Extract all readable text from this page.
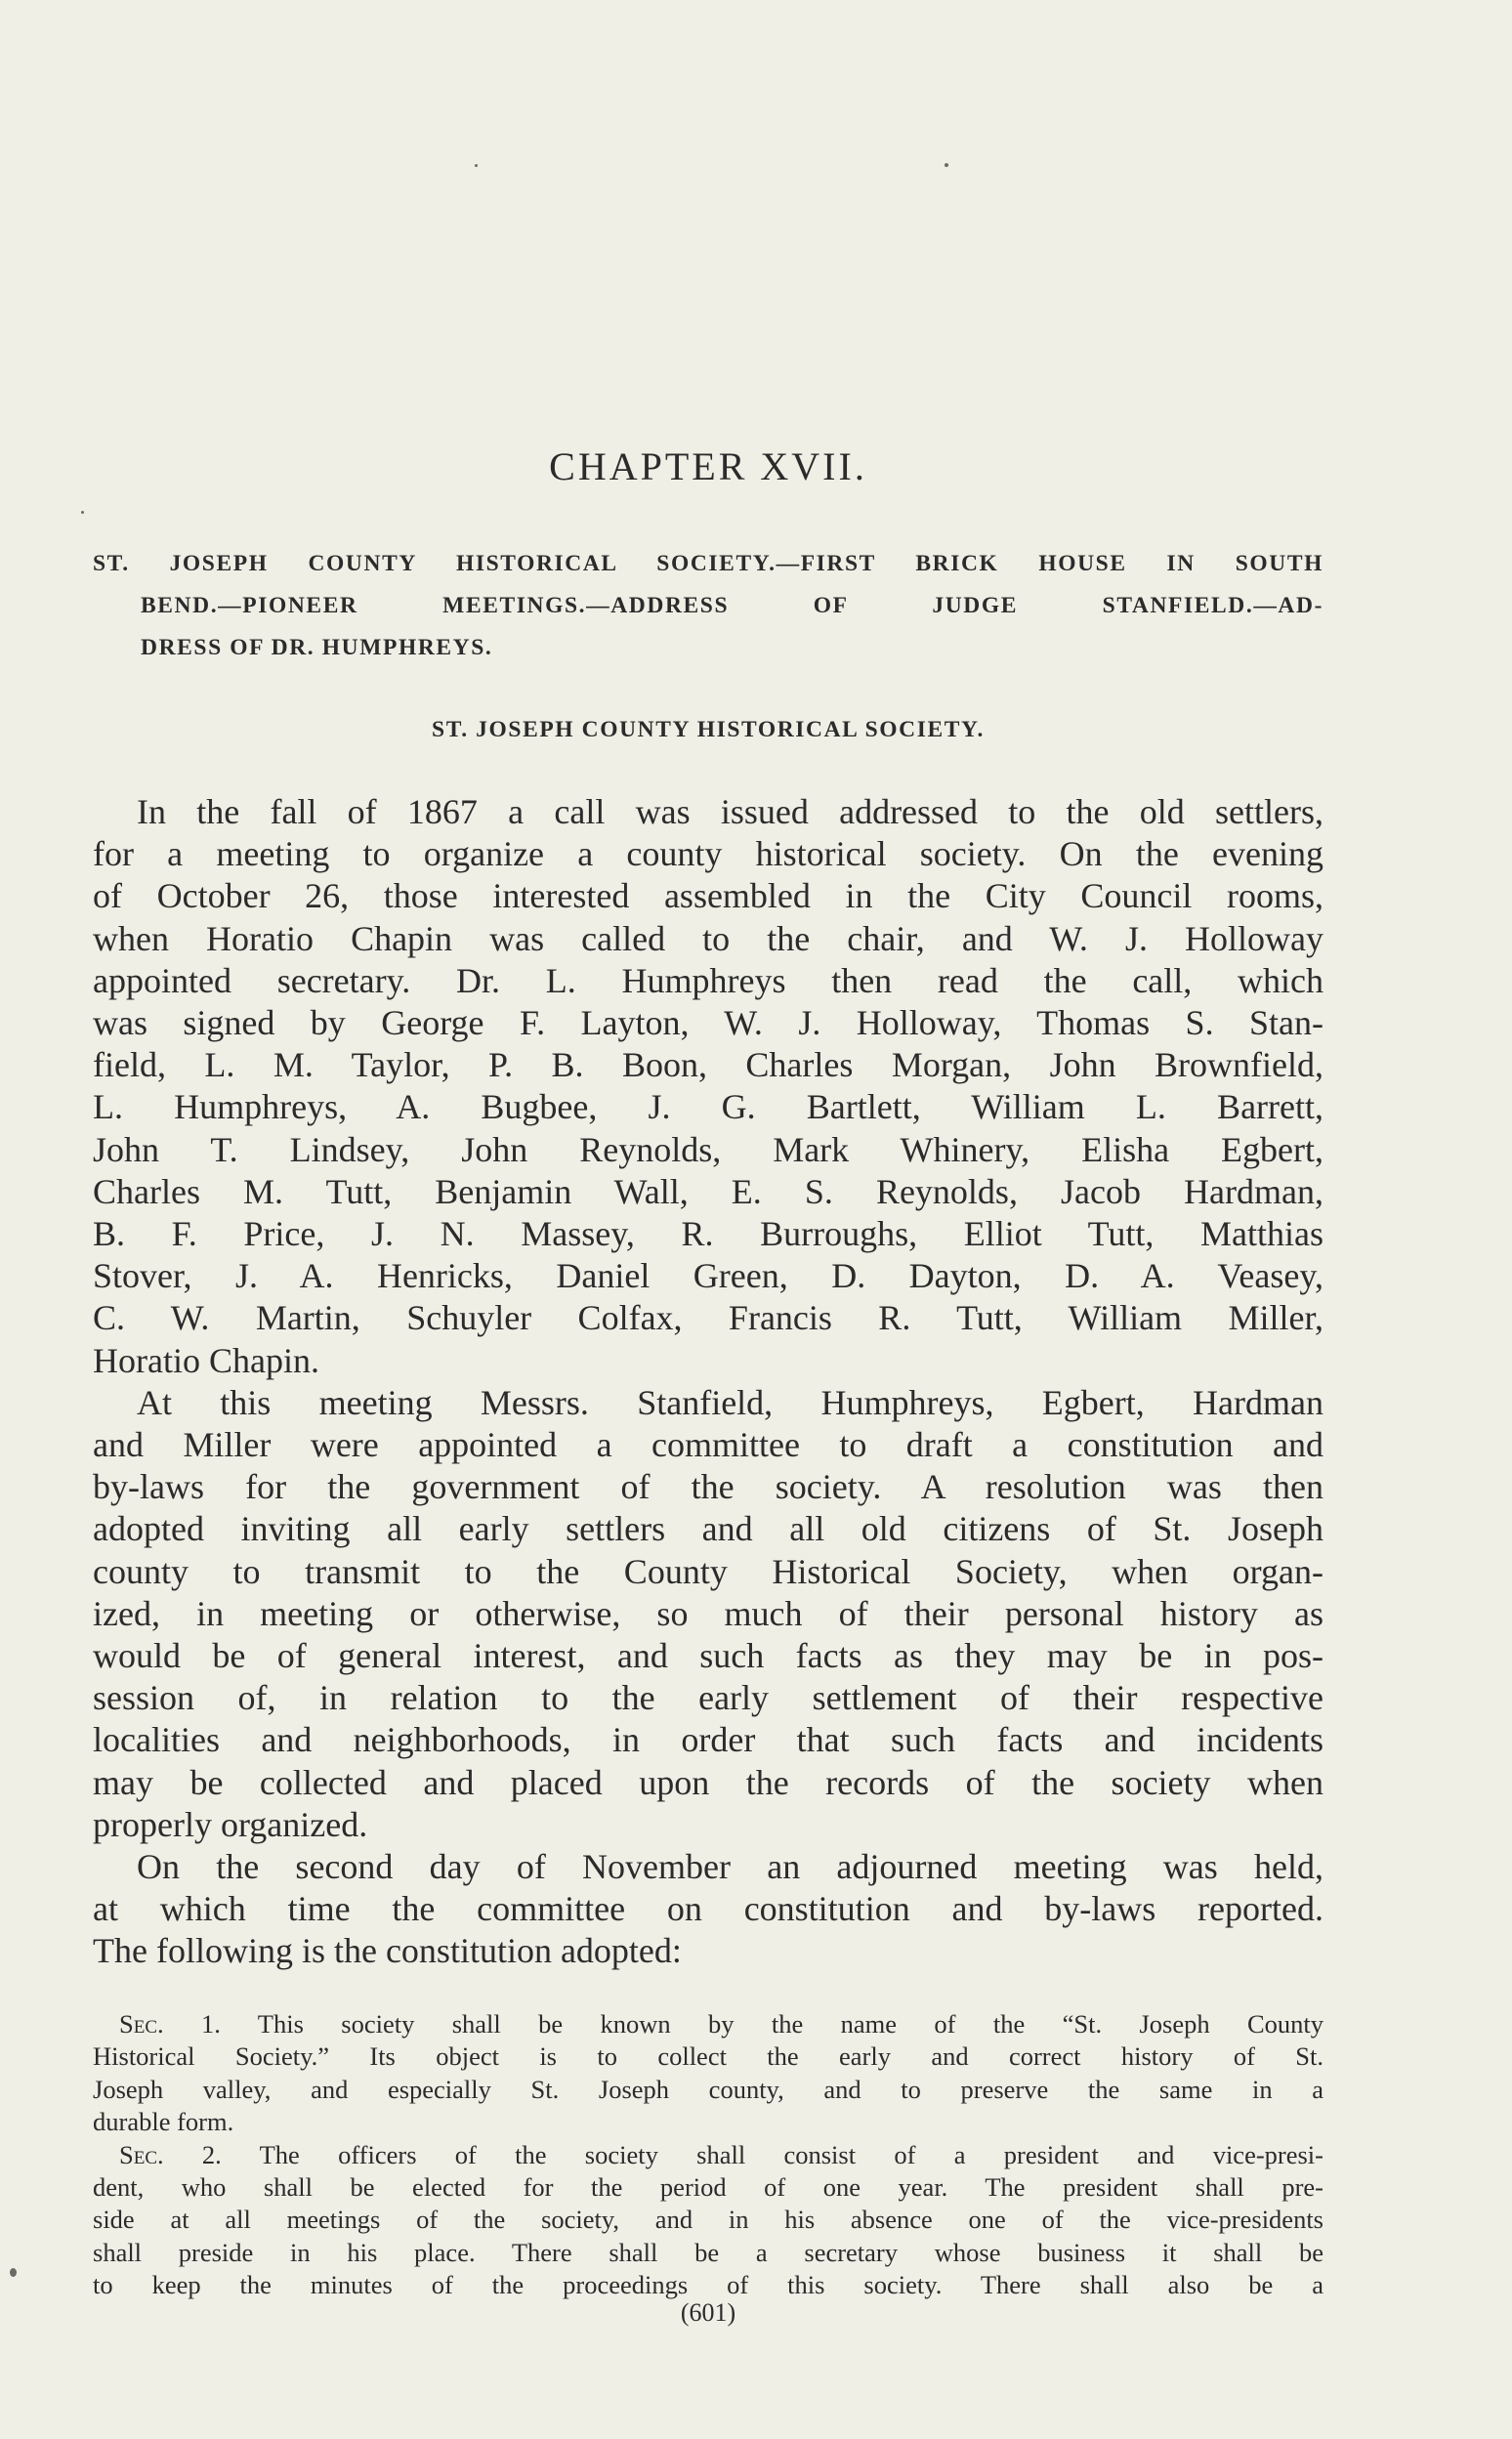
CHAPTER XVII.
ST. JOSEPH COUNTY HISTORICAL SOCIETY.—FIRST BRICK HOUSE IN SOUTH
BEND.—PIONEER MEETINGS.—ADDRESS OF JUDGE STANFIELD.—AD-
DRESS OF DR. HUMPHREYS.
ST. JOSEPH COUNTY HISTORICAL SOCIETY.
In the fall of 1867 a call was issued addressed to the old settlers,
for a meeting to organize a county historical society. On the evening
of October 26, those interested assembled in the City Council rooms,
when Horatio Chapin was called to the chair, and W. J. Holloway
appointed secretary. Dr. L. Humphreys then read the call, which
was signed by George F. Layton, W. J. Holloway, Thomas S. Stan-
field, L. M. Taylor, P. B. Boon, Charles Morgan, John Brownfield,
L. Humphreys, A. Bugbee, J. G. Bartlett, William L. Barrett,
John T. Lindsey, John Reynolds, Mark Whinery, Elisha Egbert,
Charles M. Tutt, Benjamin Wall, E. S. Reynolds, Jacob Hardman,
B. F. Price, J. N. Massey, R. Burroughs, Elliot Tutt, Matthias
Stover, J. A. Henricks, Daniel Green, D. Dayton, D. A. Veasey,
C. W. Martin, Schuyler Colfax, Francis R. Tutt, William Miller,
Horatio Chapin.
At this meeting Messrs. Stanfield, Humphreys, Egbert, Hardman
and Miller were appointed a committee to draft a constitution and
by-laws for the government of the society. A resolution was then
adopted inviting all early settlers and all old citizens of St. Joseph
county to transmit to the County Historical Society, when organ-
ized, in meeting or otherwise, so much of their personal history as
would be of general interest, and such facts as they may be in pos-
session of, in relation to the early settlement of their respective
localities and neighborhoods, in order that such facts and incidents
may be collected and placed upon the records of the society when
properly organized.
On the second day of November an adjourned meeting was held,
at which time the committee on constitution and by-laws reported.
The following is the constitution adopted:
Sec. 1. This society shall be known by the name of the “St. Joseph County
Historical Society.” Its object is to collect the early and correct history of St.
Joseph valley, and especially St. Joseph county, and to preserve the same in a
durable form.
Sec. 2. The officers of the society shall consist of a president and vice-presi-
dent, who shall be elected for the period of one year. The president shall pre-
side at all meetings of the society, and in his absence one of the vice-presidents
shall preside in his place. There shall be a secretary whose business it shall be
to keep the minutes of the proceedings of this society. There shall also be a
(601)
